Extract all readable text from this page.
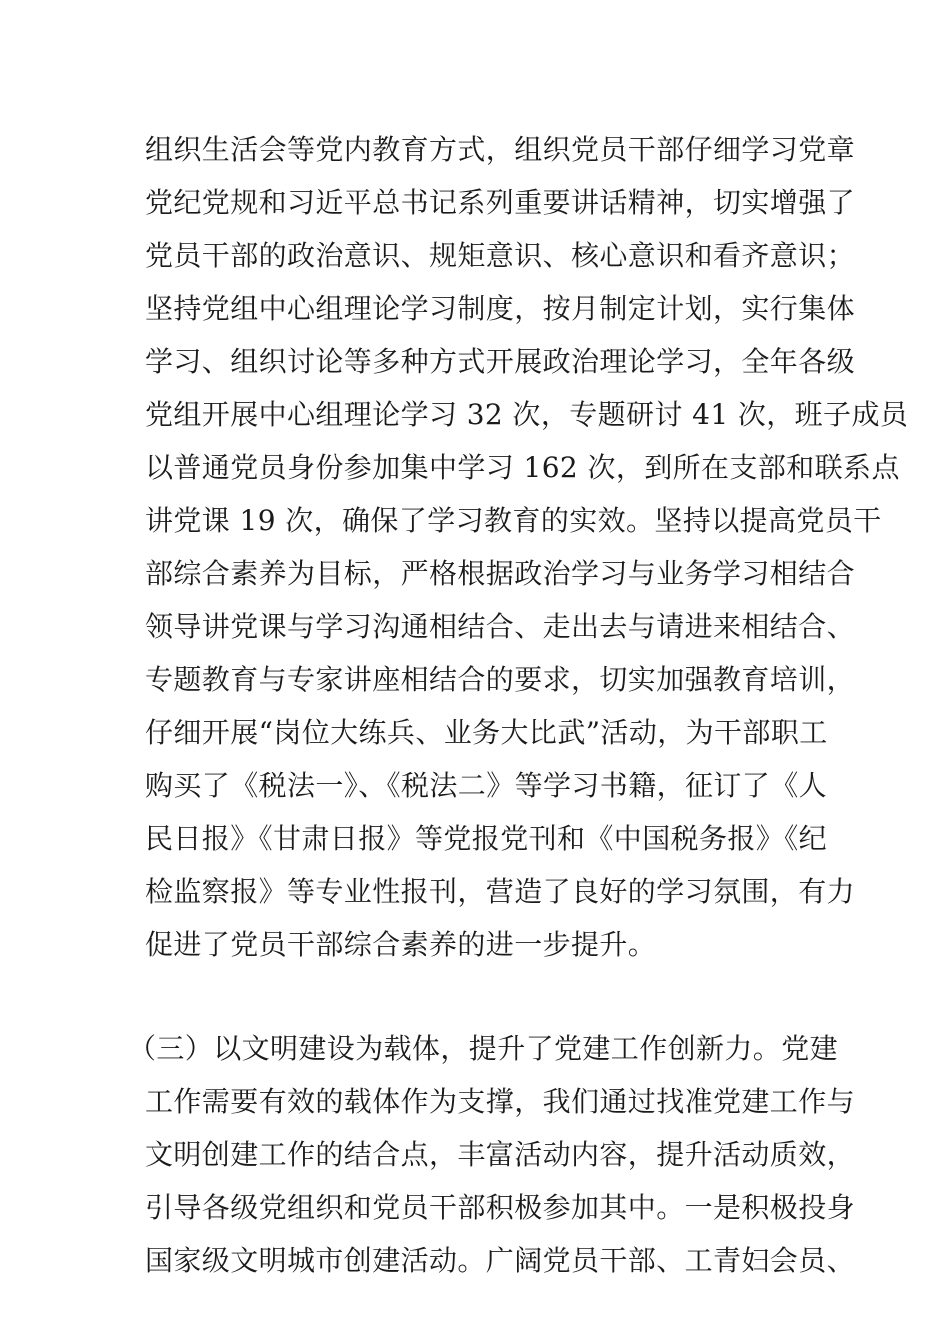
组织生活会等党内教育方式，组织党员干部仔细学习党章
党纪党规和习近平总书记系列重要讲话精神，切实增强了
党员干部的政治意识、规矩意识、核心意识和看齐意识；
坚持党组中心组理论学习制度，按月制定计划，实行集体
学习、组织讨论等多种方式开展政治理论学习，全年各级
党组开展中心组理论学习 32 次，专题研讨 41 次，班子成员
以普通党员身份参加集中学习 162 次，到所在支部和联系点
讲党课 19 次，确保了学习教育的实效。坚持以提高党员干
部综合素养为目标，严格根据政治学习与业务学习相结合
领导讲党课与学习沟通相结合、走出去与请进来相结合、
专题教育与专家讲座相结合的要求，切实加强教育培训，
仔细开展“岗位大练兵、业务大比武”活动，为干部职工
购买了《税法一》、《税法二》等学习书籍，征订了《人
民日报》《甘肃日报》等党报党刊和《中国税务报》《纪
检监察报》等专业性报刊，营造了良好的学习氛围，有力
促进了党员干部综合素养的进一步提升。
（三）以文明建设为载体，提升了党建工作创新力。党建
工作需要有效的载体作为支撑，我们通过找准党建工作与
文明创建工作的结合点，丰富活动内容，提升活动质效，
引导各级党组织和党员干部积极参加其中。一是积极投身
国家级文明城市创建活动。广阔党员干部、工青妇会员、
